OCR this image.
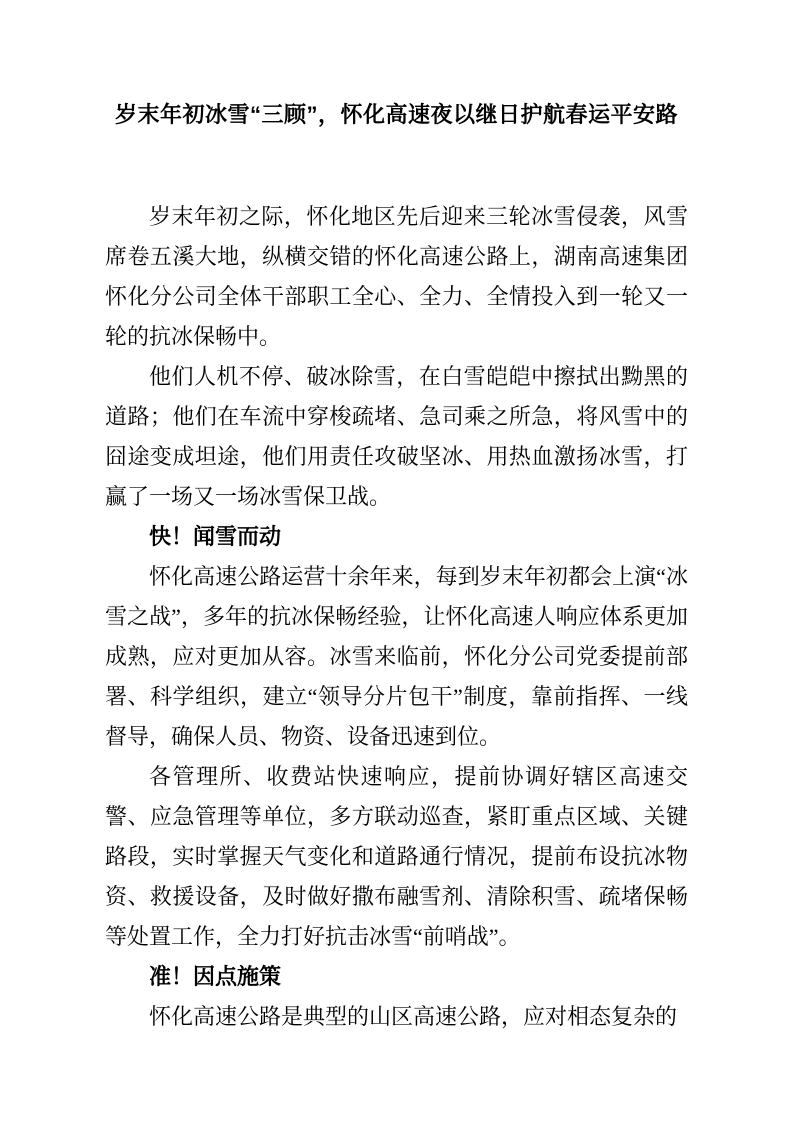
岁末年初冰雪“三顾”，怀化高速夜以继日护航春运平安路

岁末年初之际，怀化地区先后迎来三轮冰雪侵袭，风雪席卷五溪大地，纵横交错的怀化高速公路上，湖南高速集团怀化分公司全体干部职工全心、全力、全情投入到一轮又一轮的抗冰保畅中。

他们人机不停、破冰除雪，在白雪皑皑中擦拭出黝黑的道路；他们在车流中穿梭疏堵、急司乘之所急，将风雪中的囧途变成坦途，他们用责任攻破坚冰、用热血激扬冰雪，打赢了一场又一场冰雪保卫战。

快！闻雪而动

怀化高速公路运营十余年来，每到岁末年初都会上演“冰雪之战”，多年的抗冰保畅经验，让怀化高速人响应体系更加成熟，应对更加从容。冰雪来临前，怀化分公司党委提前部署、科学组织，建立“领导分片包干”制度，靠前指挥、一线督导，确保人员、物资、设备迅速到位。

各管理所、收费站快速响应，提前协调好辖区高速交警、应急管理等单位，多方联动巡查，紧盯重点区域、关键路段，实时掌握天气变化和道路通行情况，提前布设抗冰物资、救援设备，及时做好撒布融雪剂、清除积雪、疏堵保畅等处置工作，全力打好抗击冰雪“前哨战”。

准！因点施策

怀化高速公路是典型的山区高速公路，应对相态复杂的
